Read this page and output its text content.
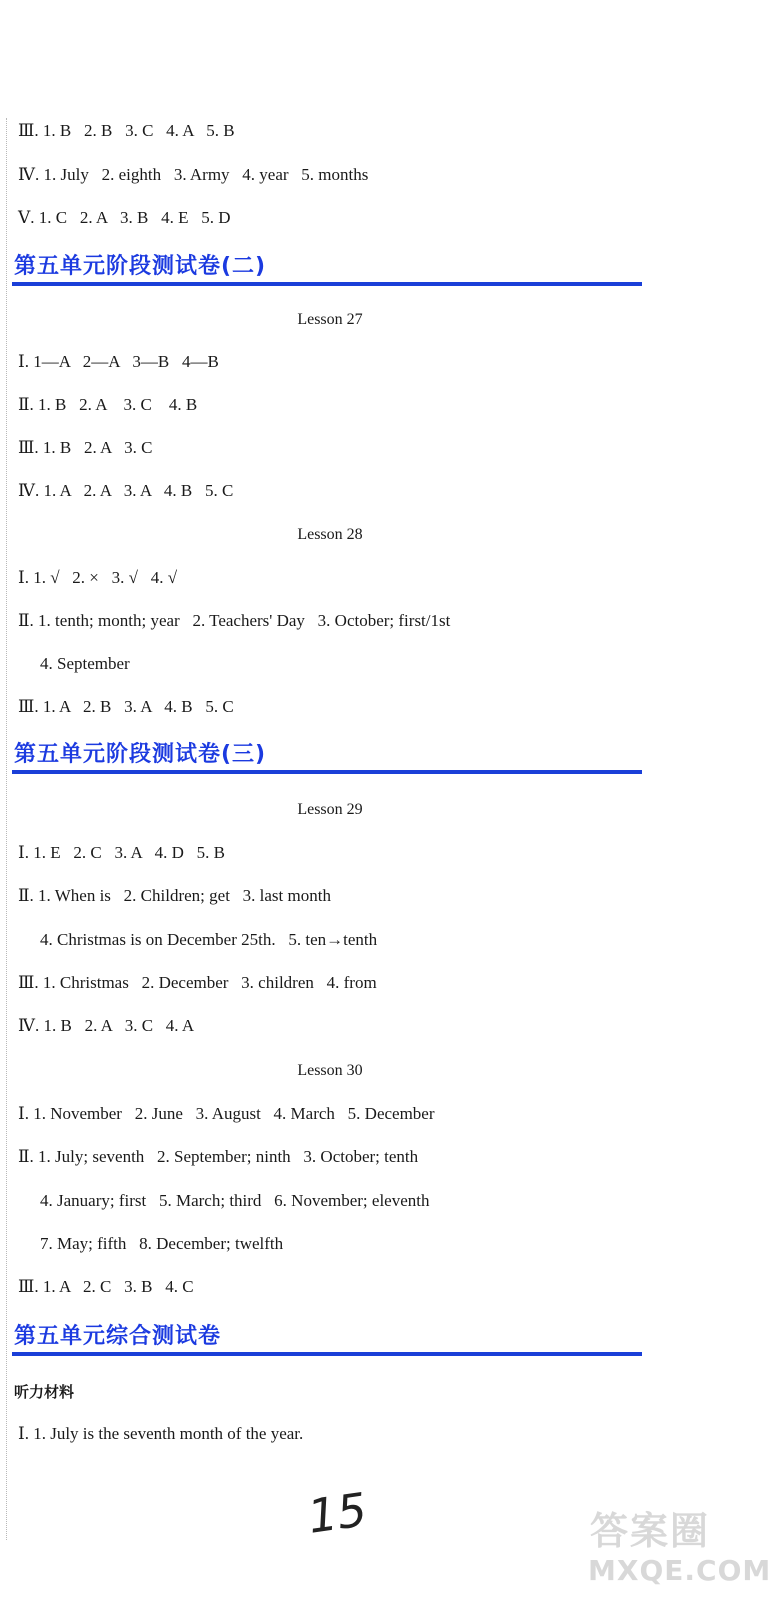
Ⅲ. 1. B   2. B   3. C   4. A   5. B
Ⅳ. 1. July   2. eighth   3. Army   4. year   5. months
Ⅴ. 1. C   2. A   3. B   4. E   5. D
第五单元阶段测试卷(二)
Lesson 27
Ⅰ. 1—A   2—A   3—B   4—B
Ⅱ. 1. B   2. A    3. C    4. B
Ⅲ. 1. B   2. A   3. C
Ⅳ. 1. A   2. A   3. A   4. B   5. C
Lesson 28
Ⅰ. 1. √   2. ×   3. √   4. √
Ⅱ. 1. tenth; month; year   2. Teachers' Day   3. October; first/1st
4. September
Ⅲ. 1. A   2. B   3. A   4. B   5. C
第五单元阶段测试卷(三)
Lesson 29
Ⅰ. 1. E   2. C   3. A   4. D   5. B
Ⅱ. 1. When is   2. Children; get   3. last month
4. Christmas is on December 25th.   5. ten→tenth
Ⅲ. 1. Christmas   2. December   3. children   4. from
Ⅳ. 1. B   2. A   3. C   4. A
Lesson 30
Ⅰ. 1. November   2. June   3. August   4. March   5. December
Ⅱ. 1. July; seventh   2. September; ninth   3. October; tenth
4. January; first   5. March; third   6. November; eleventh
7. May; fifth   8. December; twelfth
Ⅲ. 1. A   2. C   3. B   4. C
第五单元综合测试卷
听力材料
Ⅰ. 1. July is the seventh month of the year.
15	答案圈
MXQE.COM
